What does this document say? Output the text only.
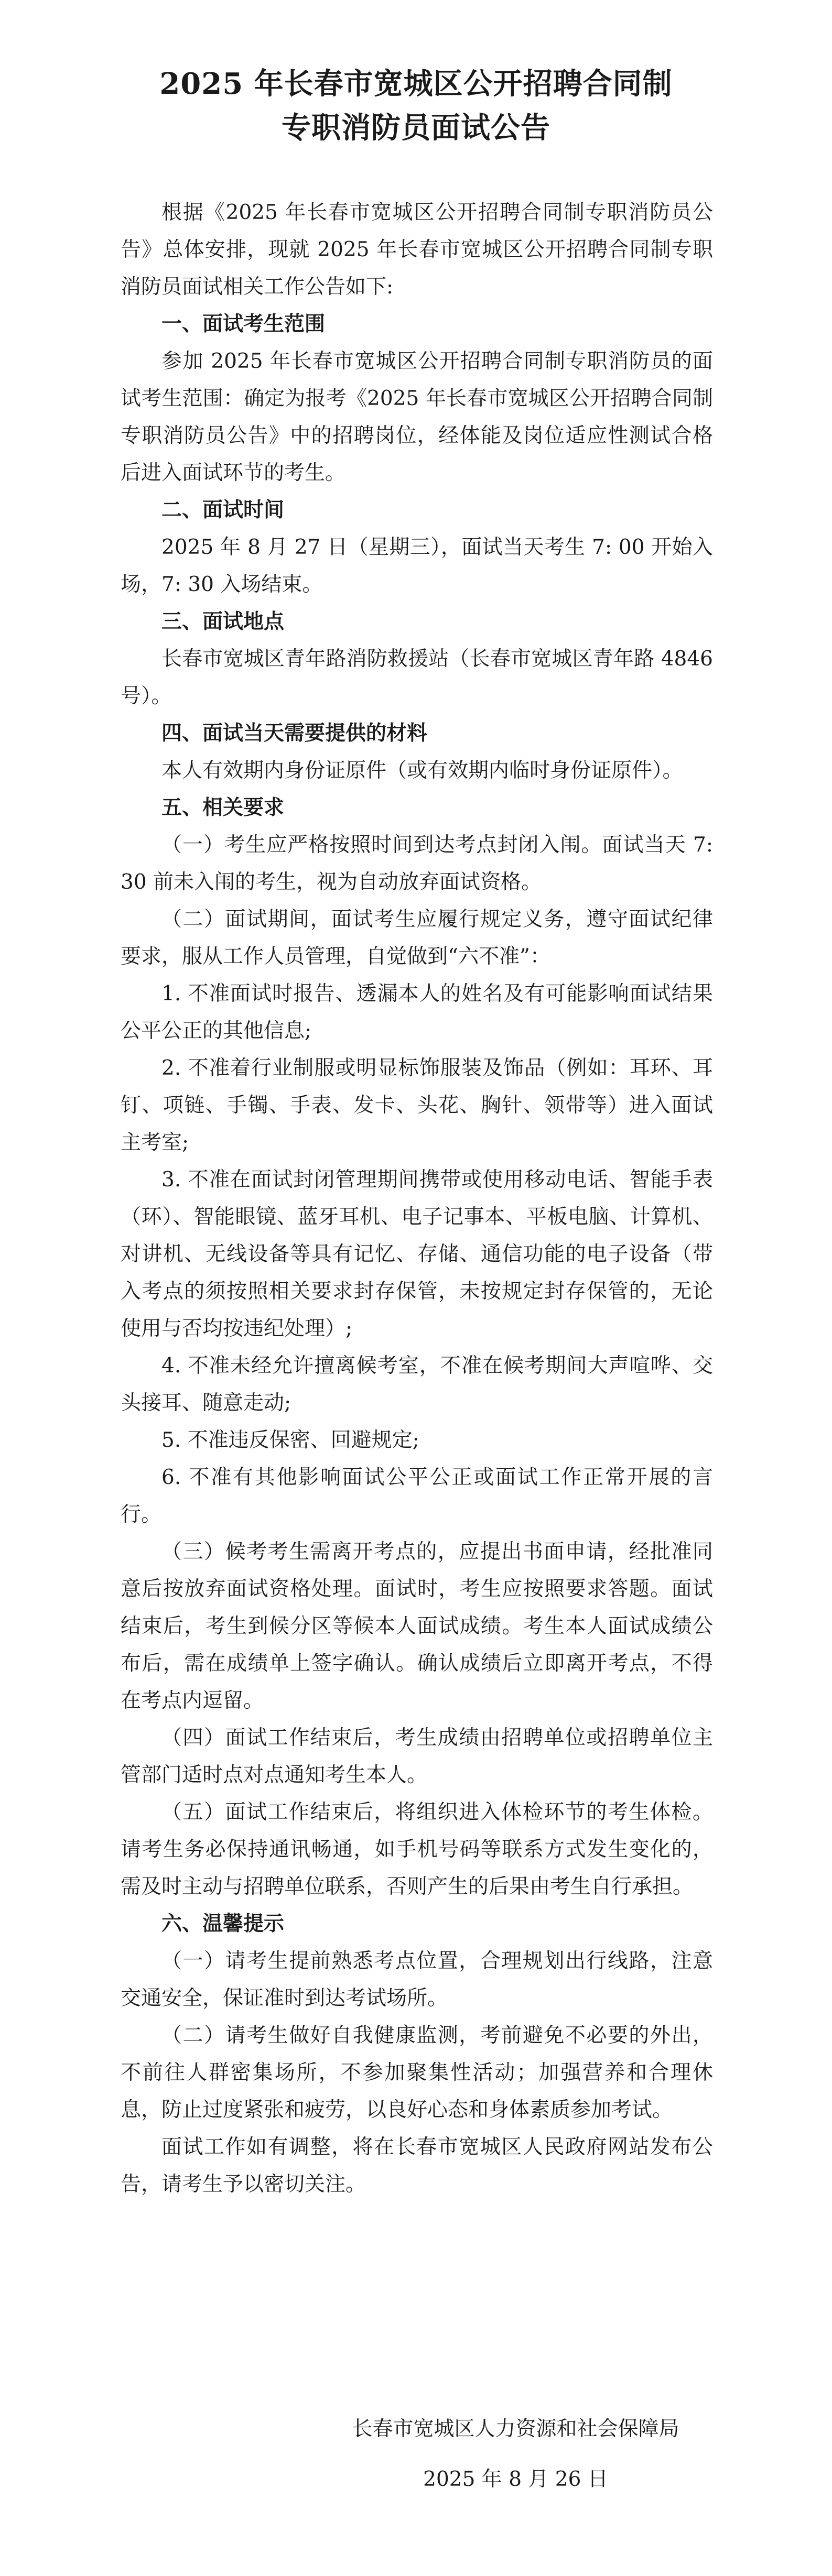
2025 年长春市宽城区公开招聘合同制
专职消防员面试公告

根据《2025 年长春市宽城区公开招聘合同制专职消防员公告》总体安排，现就 2025 年长春市宽城区公开招聘合同制专职消防员面试相关工作公告如下:

一、面试考生范围

参加 2025 年长春市宽城区公开招聘合同制专职消防员的面试考生范围：确定为报考《2025 年长春市宽城区公开招聘合同制专职消防员公告》中的招聘岗位，经体能及岗位适应性测试合格后进入面试环节的考生。

二、面试时间

2025 年 8 月 27 日（星期三），面试当天考生 7: 00 开始入场，7: 30 入场结束。

三、面试地点

长春市宽城区青年路消防救援站（长春市宽城区青年路 4846 号）。

四、面试当天需要提供的材料

本人有效期内身份证原件（或有效期内临时身份证原件）。

五、相关要求

（一）考生应严格按照时间到达考点封闭入闱。面试当天 7: 30 前未入闱的考生，视为自动放弃面试资格。

（二）面试期间，面试考生应履行规定义务，遵守面试纪律要求，服从工作人员管理，自觉做到“六不准”：

1. 不准面试时报告、透漏本人的姓名及有可能影响面试结果公平公正的其他信息;

2. 不准着行业制服或明显标饰服装及饰品（例如：耳环、耳钉、项链、手镯、手表、发卡、头花、胸针、领带等）进入面试主考室;

3. 不准在面试封闭管理期间携带或使用移动电话、智能手表（环）、智能眼镜、蓝牙耳机、电子记事本、平板电脑、计算机、对讲机、无线设备等具有记忆、存储、通信功能的电子设备（带入考点的须按照相关要求封存保管，未按规定封存保管的，无论使用与否均按违纪处理）;

4. 不准未经允许擅离候考室，不准在候考期间大声喧哗、交头接耳、随意走动;

5. 不准违反保密、回避规定;

6. 不准有其他影响面试公平公正或面试工作正常开展的言行。

（三）候考考生需离开考点的，应提出书面申请，经批准同意后按放弃面试资格处理。面试时，考生应按照要求答题。面试结束后，考生到候分区等候本人面试成绩。考生本人面试成绩公布后，需在成绩单上签字确认。确认成绩后立即离开考点，不得在考点内逗留。

（四）面试工作结束后，考生成绩由招聘单位或招聘单位主管部门适时点对点通知考生本人。

（五）面试工作结束后，将组织进入体检环节的考生体检。请考生务必保持通讯畅通，如手机号码等联系方式发生变化的，需及时主动与招聘单位联系，否则产生的后果由考生自行承担。

六、温馨提示

（一）请考生提前熟悉考点位置，合理规划出行线路，注意交通安全，保证准时到达考试场所。

（二）请考生做好自我健康监测，考前避免不必要的外出，不前往人群密集场所，不参加聚集性活动；加强营养和合理休息，防止过度紧张和疲劳，以良好心态和身体素质参加考试。

面试工作如有调整，将在长春市宽城区人民政府网站发布公告，请考生予以密切关注。

长春市宽城区人力资源和社会保障局
2025 年 8 月 26 日
